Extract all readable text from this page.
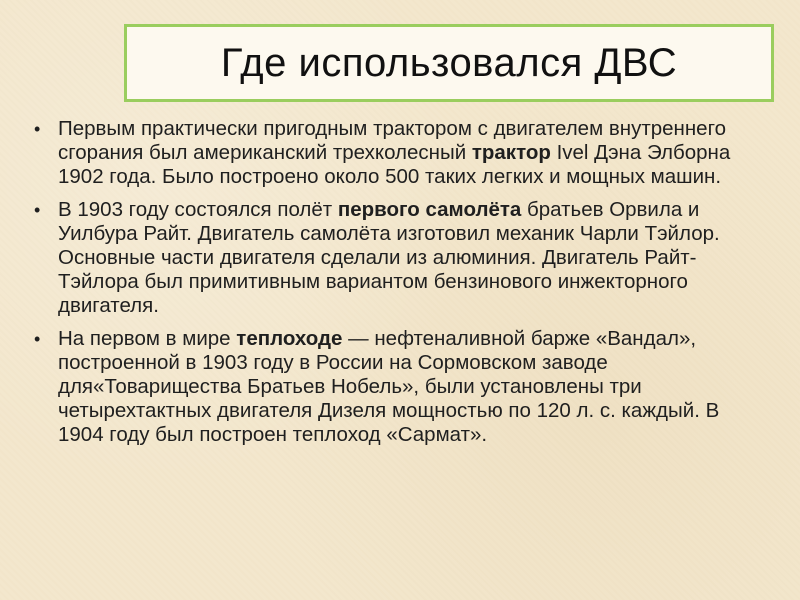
Где использовался ДВС
• Первым практически пригодным трактором с двигателем внутреннего сгорания был американский трехколесный трактор Ivel Дэна Элборна 1902 года. Было построено около 500 таких легких и мощных машин.
• В 1903 году состоялся полёт первого самолёта братьев Орвила и Уилбура Райт. Двигатель самолёта изготовил механик Чарли Тэйлор. Основные части двигателя сделали из алюминия. Двигатель Райт-Тэйлора был примитивным вариантом бензинового инжекторного двигателя.
• На первом в мире теплоходе — нефтеналивной барже «Вандал», построенной в 1903 году в России на Сормовском заводе для«Товарищества Братьев Нобель», были установлены три четырехтактных двигателя Дизеля мощностью по 120 л. с. каждый. В 1904 году был построен теплоход «Сармат».
